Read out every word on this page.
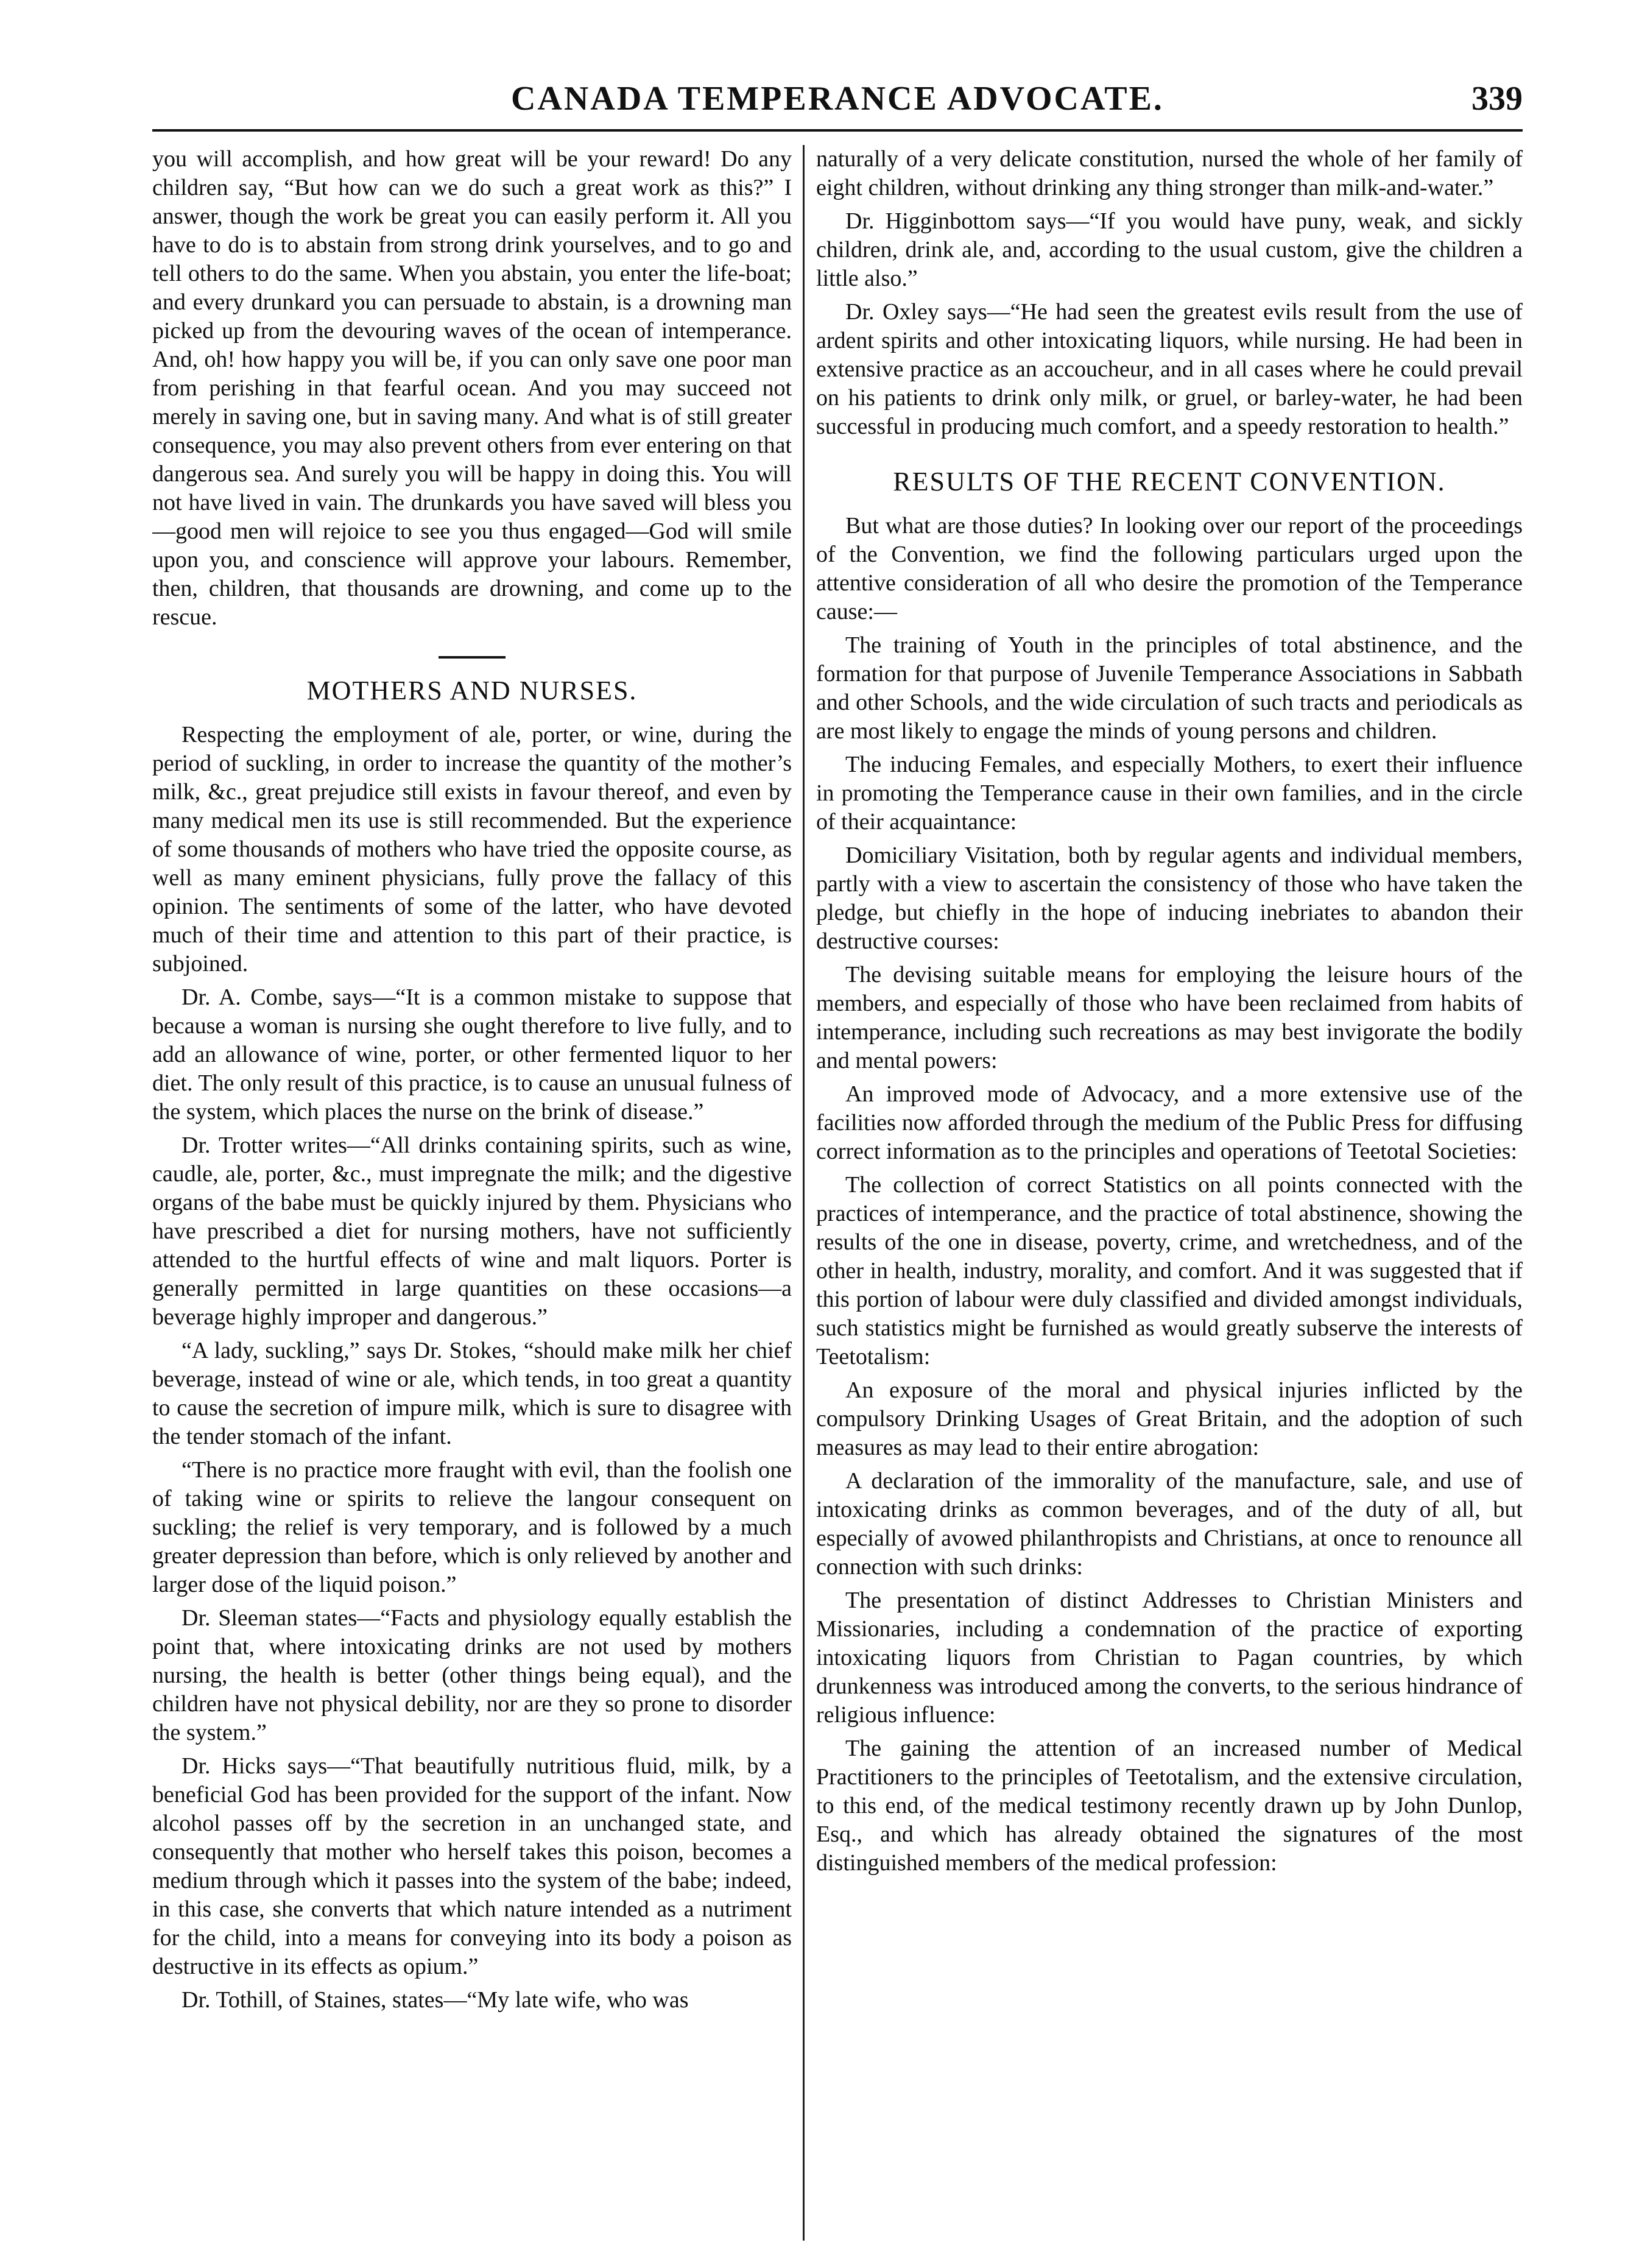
CANADA TEMPERANCE ADVOCATE.	339

you will accomplish, and how great will be your reward! Do any children say, “But how can we do such a great work as this?” I answer, though the work be great you can easily perform it. All you have to do is to abstain from strong drink yourselves, and to go and tell others to do the same. When you abstain, you enter the life-boat; and every drunkard you can persuade to abstain, is a drowning man picked up from the devouring waves of the ocean of intemperance. And, oh! how happy you will be, if you can only save one poor man from perishing in that fearful ocean. And you may succeed not merely in saving one, but in saving many. And what is of still greater consequence, you may also prevent others from ever entering on that dangerous sea. And surely you will be happy in doing this. You will not have lived in vain. The drunkards you have saved will bless you—good men will rejoice to see you thus engaged—God will smile upon you, and conscience will approve your labours. Remember, then, children, that thousands are drowning, and come up to the rescue.

MOTHERS AND NURSES.

Respecting the employment of ale, porter, or wine, during the period of suckling, in order to increase the quantity of the mother’s milk, &c., great prejudice still exists in favour thereof, and even by many medical men its use is still recommended. But the experience of some thousands of mothers who have tried the opposite course, as well as many eminent physicians, fully prove the fallacy of this opinion. The sentiments of some of the latter, who have devoted much of their time and attention to this part of their practice, is subjoined.

Dr. A. Combe, says—“It is a common mistake to suppose that because a woman is nursing she ought therefore to live fully, and to add an allowance of wine, porter, or other fermented liquor to her diet. The only result of this practice, is to cause an unusual fulness of the system, which places the nurse on the brink of disease.”

Dr. Trotter writes—“All drinks containing spirits, such as wine, caudle, ale, porter, &c., must impregnate the milk; and the digestive organs of the babe must be quickly injured by them. Physicians who have prescribed a diet for nursing mothers, have not sufficiently attended to the hurtful effects of wine and malt liquors. Porter is generally permitted in large quantities on these occasions—a beverage highly improper and dangerous.”

“A lady, suckling,” says Dr. Stokes, “should make milk her chief beverage, instead of wine or ale, which tends, in too great a quantity to cause the secretion of impure milk, which is sure to disagree with the tender stomach of the infant.

“There is no practice more fraught with evil, than the foolish one of taking wine or spirits to relieve the langour consequent on suckling; the relief is very temporary, and is followed by a much greater depression than before, which is only relieved by another and larger dose of the liquid poison.”

Dr. Sleeman states—“Facts and physiology equally establish the point that, where intoxicating drinks are not used by mothers nursing, the health is better (other things being equal), and the children have not physical debility, nor are they so prone to disorder the system.”

Dr. Hicks says—“That beautifully nutritious fluid, milk, by a beneficial God has been provided for the support of the infant. Now alcohol passes off by the secretion in an unchanged state, and consequently that mother who herself takes this poison, becomes a medium through which it passes into the system of the babe; indeed, in this case, she converts that which nature intended as a nutriment for the child, into a means for conveying into its body a poison as destructive in its effects as opium.”

Dr. Tothill, of Staines, states—“My late wife, who was

naturally of a very delicate constitution, nursed the whole of her family of eight children, without drinking any thing stronger than milk-and-water.”

Dr. Higginbottom says—“If you would have puny, weak, and sickly children, drink ale, and, according to the usual custom, give the children a little also.”

Dr. Oxley says—“He had seen the greatest evils result from the use of ardent spirits and other intoxicating liquors, while nursing. He had been in extensive practice as an accoucheur, and in all cases where he could prevail on his patients to drink only milk, or gruel, or barley-water, he had been successful in producing much comfort, and a speedy restoration to health.”

RESULTS OF THE RECENT CONVENTION.

But what are those duties? In looking over our report of the proceedings of the Convention, we find the following particulars urged upon the attentive consideration of all who desire the promotion of the Temperance cause:—

The training of Youth in the principles of total abstinence, and the formation for that purpose of Juvenile Temperance Associations in Sabbath and other Schools, and the wide circulation of such tracts and periodicals as are most likely to engage the minds of young persons and children.

The inducing Females, and especially Mothers, to exert their influence in promoting the Temperance cause in their own families, and in the circle of their acquaintance:

Domiciliary Visitation, both by regular agents and individual members, partly with a view to ascertain the consistency of those who have taken the pledge, but chiefly in the hope of inducing inebriates to abandon their destructive courses:

The devising suitable means for employing the leisure hours of the members, and especially of those who have been reclaimed from habits of intemperance, including such recreations as may best invigorate the bodily and mental powers:

An improved mode of Advocacy, and a more extensive use of the facilities now afforded through the medium of the Public Press for diffusing correct information as to the principles and operations of Teetotal Societies:

The collection of correct Statistics on all points connected with the practices of intemperance, and the practice of total abstinence, showing the results of the one in disease, poverty, crime, and wretchedness, and of the other in health, industry, morality, and comfort. And it was suggested that if this portion of labour were duly classified and divided amongst individuals, such statistics might be furnished as would greatly subserve the interests of Teetotalism:

An exposure of the moral and physical injuries inflicted by the compulsory Drinking Usages of Great Britain, and the adoption of such measures as may lead to their entire abrogation:

A declaration of the immorality of the manufacture, sale, and use of intoxicating drinks as common beverages, and of the duty of all, but especially of avowed philanthropists and Christians, at once to renounce all connection with such drinks:

The presentation of distinct Addresses to Christian Ministers and Missionaries, including a condemnation of the practice of exporting intoxicating liquors from Christian to Pagan countries, by which drunkenness was introduced among the converts, to the serious hindrance of religious influence:

The gaining the attention of an increased number of Medical Practitioners to the principles of Teetotalism, and the extensive circulation, to this end, of the medical testimony recently drawn up by John Dunlop, Esq., and which has already obtained the signatures of the most distinguished members of the medical profession:
